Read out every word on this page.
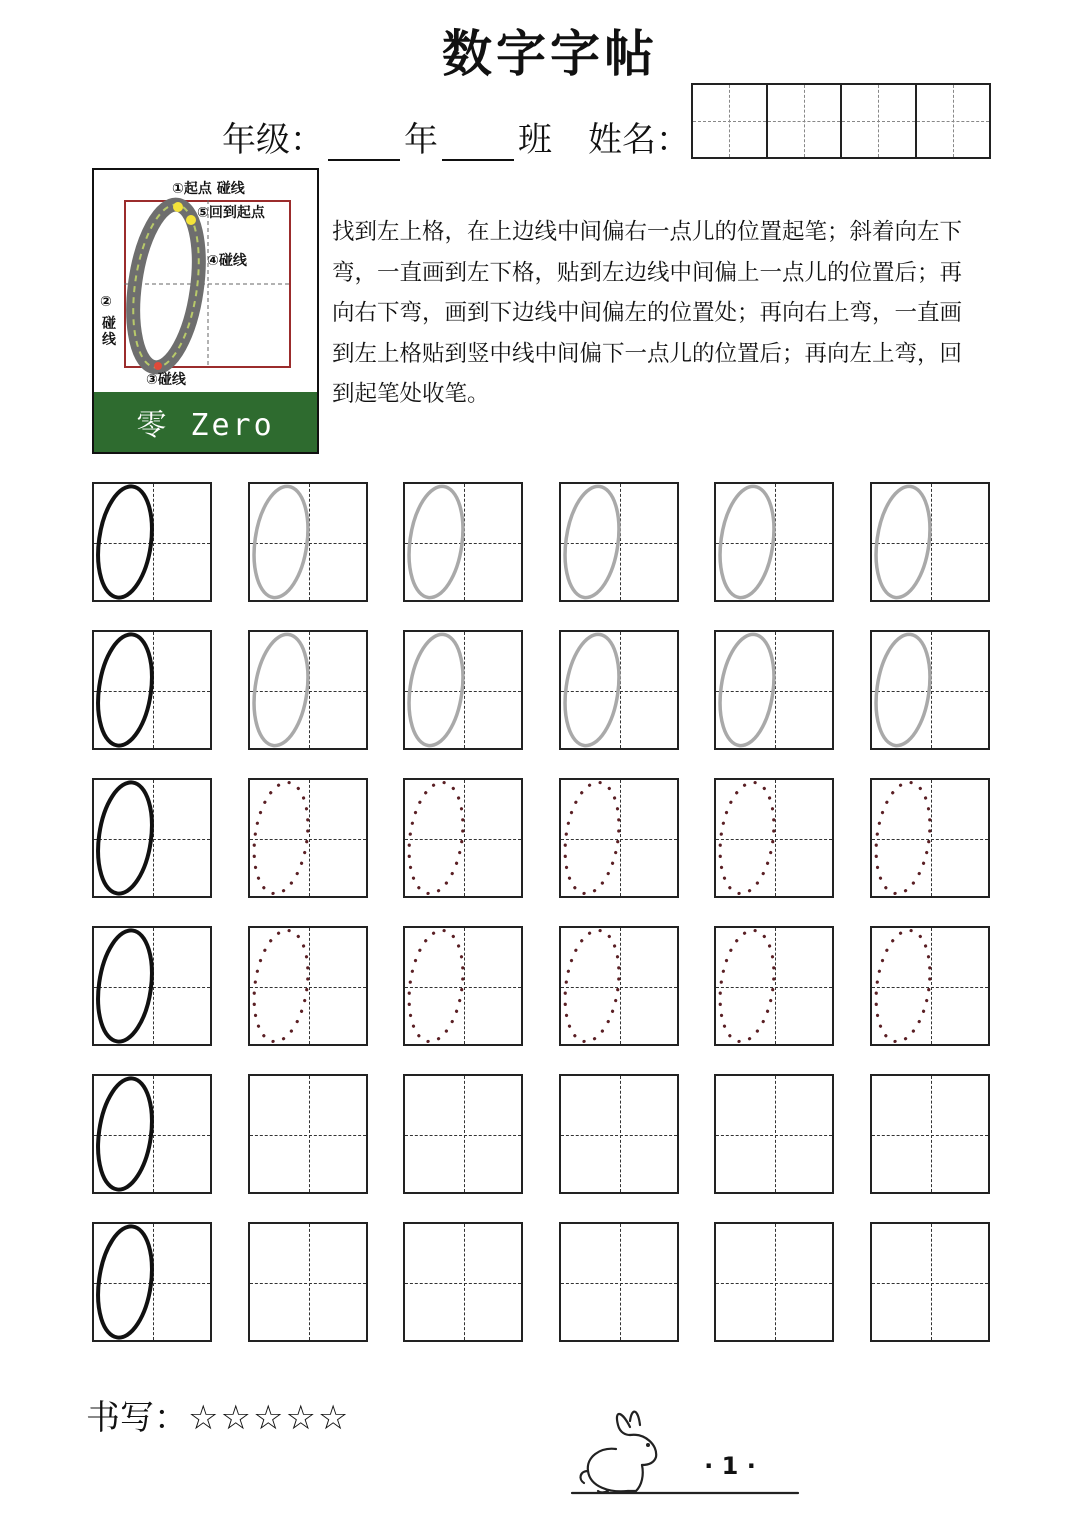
数字字帖
年级： 年 班 姓名：
①起点 碰线
⑤回到起点
④碰线
②
碰线
③碰线
零 Zero
找到左上格，在上边线中间偏右一点儿的位置起笔；斜着向左下弯，一直画到左下格，贴到左边线中间偏上一点儿的位置后；再向右下弯，画到下边线中间偏左的位置处；再向右上弯，一直画到左上格贴到竖中线中间偏下一点儿的位置后；再向左上弯，回到起笔处收笔。
书写：☆☆☆☆☆
· 1 ·
